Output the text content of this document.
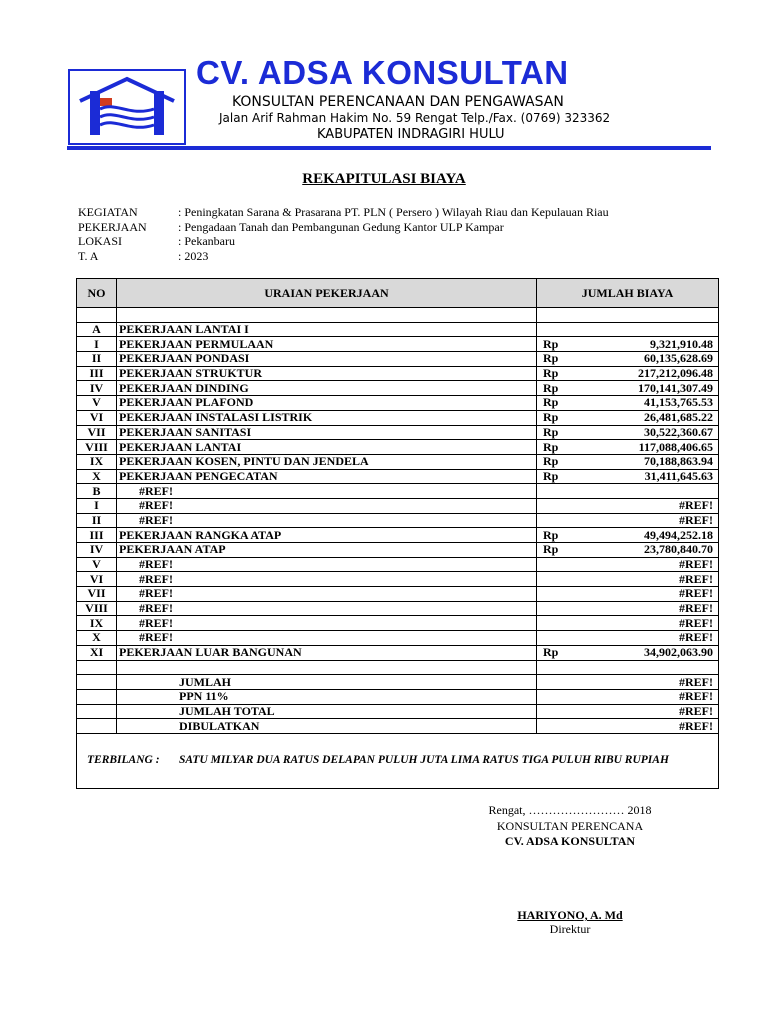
CV. ADSA KONSULTAN
KONSULTAN PERENCANAAN DAN PENGAWASAN
Jalan Arif Rahman Hakim No. 59 Rengat Telp./Fax. (0769) 323362
KABUPATEN INDRAGIRI HULU
REKAPITULASI BIAYA
KEGIATAN	: Peningkatan Sarana & Prasarana PT. PLN ( Persero ) Wilayah Riau dan Kepulauan Riau
PEKERJAAN	: Pengadaan Tanah dan Pembangunan Gedung Kantor ULP Kampar
LOKASI	: Pekanbaru
T. A	: 2023
NO	URAIAN PEKERJAAN	JUMLAH BIAYA

A	PEKERJAAN LANTAI I	

I	PEKERJAAN PERMULAAN	Rp 9,321,910.48

II	PEKERJAAN PONDASI	Rp 60,135,628.69

III	PEKERJAAN STRUKTUR	Rp 217,212,096.48

IV	PEKERJAAN DINDING	Rp 170,141,307.49

V	PEKERJAAN PLAFOND	Rp 41,153,765.53

VI	PEKERJAAN INSTALASI LISTRIK	Rp 26,481,685.22

VII	PEKERJAAN SANITASI	Rp 30,522,360.67

VIII	PEKERJAAN LANTAI	Rp 117,088,406.65

IX	PEKERJAAN KOSEN, PINTU DAN JENDELA	Rp 70,188,863.94

X	PEKERJAAN PENGECATAN	Rp 31,411,645.63

B	#REF!	

I	#REF!	#REF!

II	#REF!	#REF!

III	PEKERJAAN RANGKA ATAP	Rp 49,494,252.18

IV	PEKERJAAN ATAP	Rp 23,780,840.70

V	#REF!	#REF!

VI	#REF!	#REF!

VII	#REF!	#REF!

VIII	#REF!	#REF!

IX	#REF!	#REF!

X	#REF!	#REF!

XI	PEKERJAAN LUAR BANGUNAN	Rp 34,902,063.90

	JUMLAH	#REF!

	PPN 11%	#REF!

	JUMLAH TOTAL	#REF!

	DIBULATKAN	#REF!

TERBILANG : SATU MILYAR DUA RATUS DELAPAN PULUH JUTA LIMA RATUS TIGA PULUH RIBU RUPIAH		
Rengat, …………………… 2018
KONSULTAN PERENCANA
CV. ADSA KONSULTAN
HARIYONO, A. Md
Direktur
